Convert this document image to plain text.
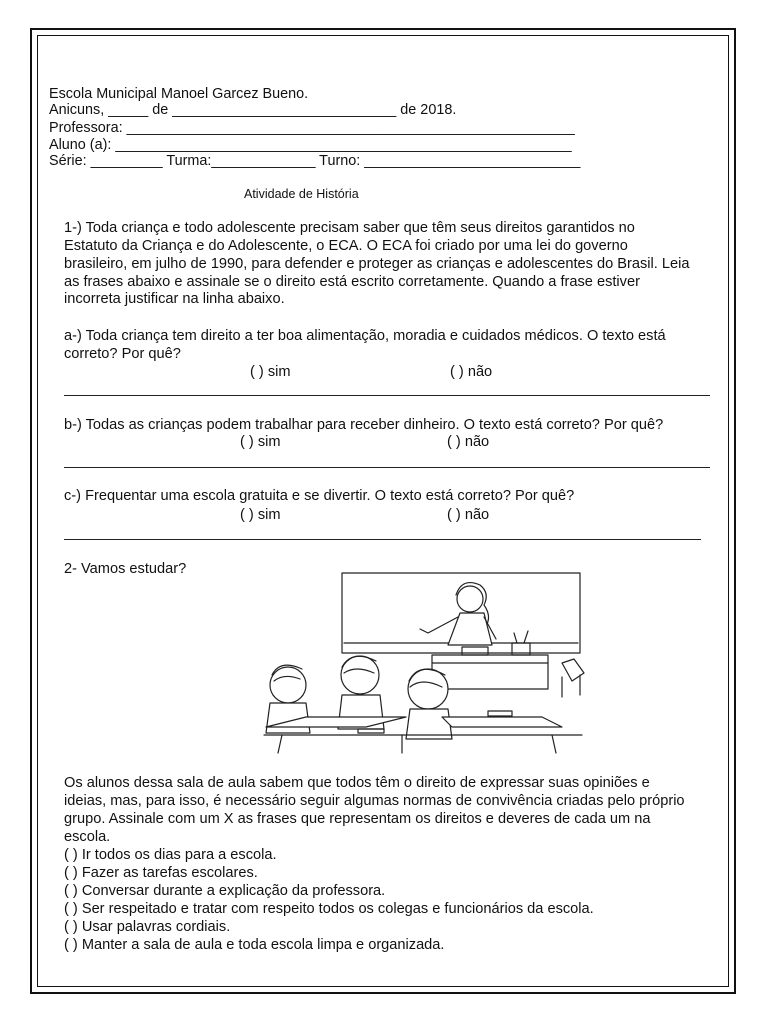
Escola Municipal Manoel Garcez Bueno.
Anicuns, _____ de ____________________________ de 2018.
Professora: ________________________________________________________
Aluno (a): _________________________________________________________
Série: _________ Turma:_____________ Turno: ___________________________
Atividade de História
1-) Toda criança e todo adolescente precisam saber que têm seus direitos garantidos no
Estatuto da Criança e do Adolescente, o ECA. O ECA foi criado por uma lei do governo
brasileiro, em julho de 1990, para defender e proteger as crianças e adolescentes do Brasil. Leia
as frases abaixo e assinale se o direito está escrito corretamente. Quando a frase estiver
incorreta justificar na linha abaixo.
a-) Toda criança tem direito a ter boa alimentação, moradia e cuidados médicos. O texto está
correto? Por quê?
( ) sim	( ) não
b-) Todas as crianças podem trabalhar para receber dinheiro. O texto está correto? Por quê?
( ) sim	( ) não
c-) Frequentar uma escola gratuita e se divertir. O texto está correto? Por quê?
( ) sim	( ) não
2- Vamos estudar?
Os alunos dessa sala de aula sabem que todos têm o direito de expressar suas opiniões e
ideias, mas, para isso, é necessário seguir algumas normas de convivência criadas pelo próprio
grupo. Assinale com um X as frases que representam os direitos e deveres de cada um na
escola.
( ) Ir todos os dias para a escola.
( ) Fazer as tarefas escolares.
( ) Conversar durante a explicação da professora.
( ) Ser respeitado e tratar com respeito todos os colegas e funcionários da escola.
( ) Usar palavras cordiais.
( ) Manter a sala de aula e toda escola limpa e organizada.
